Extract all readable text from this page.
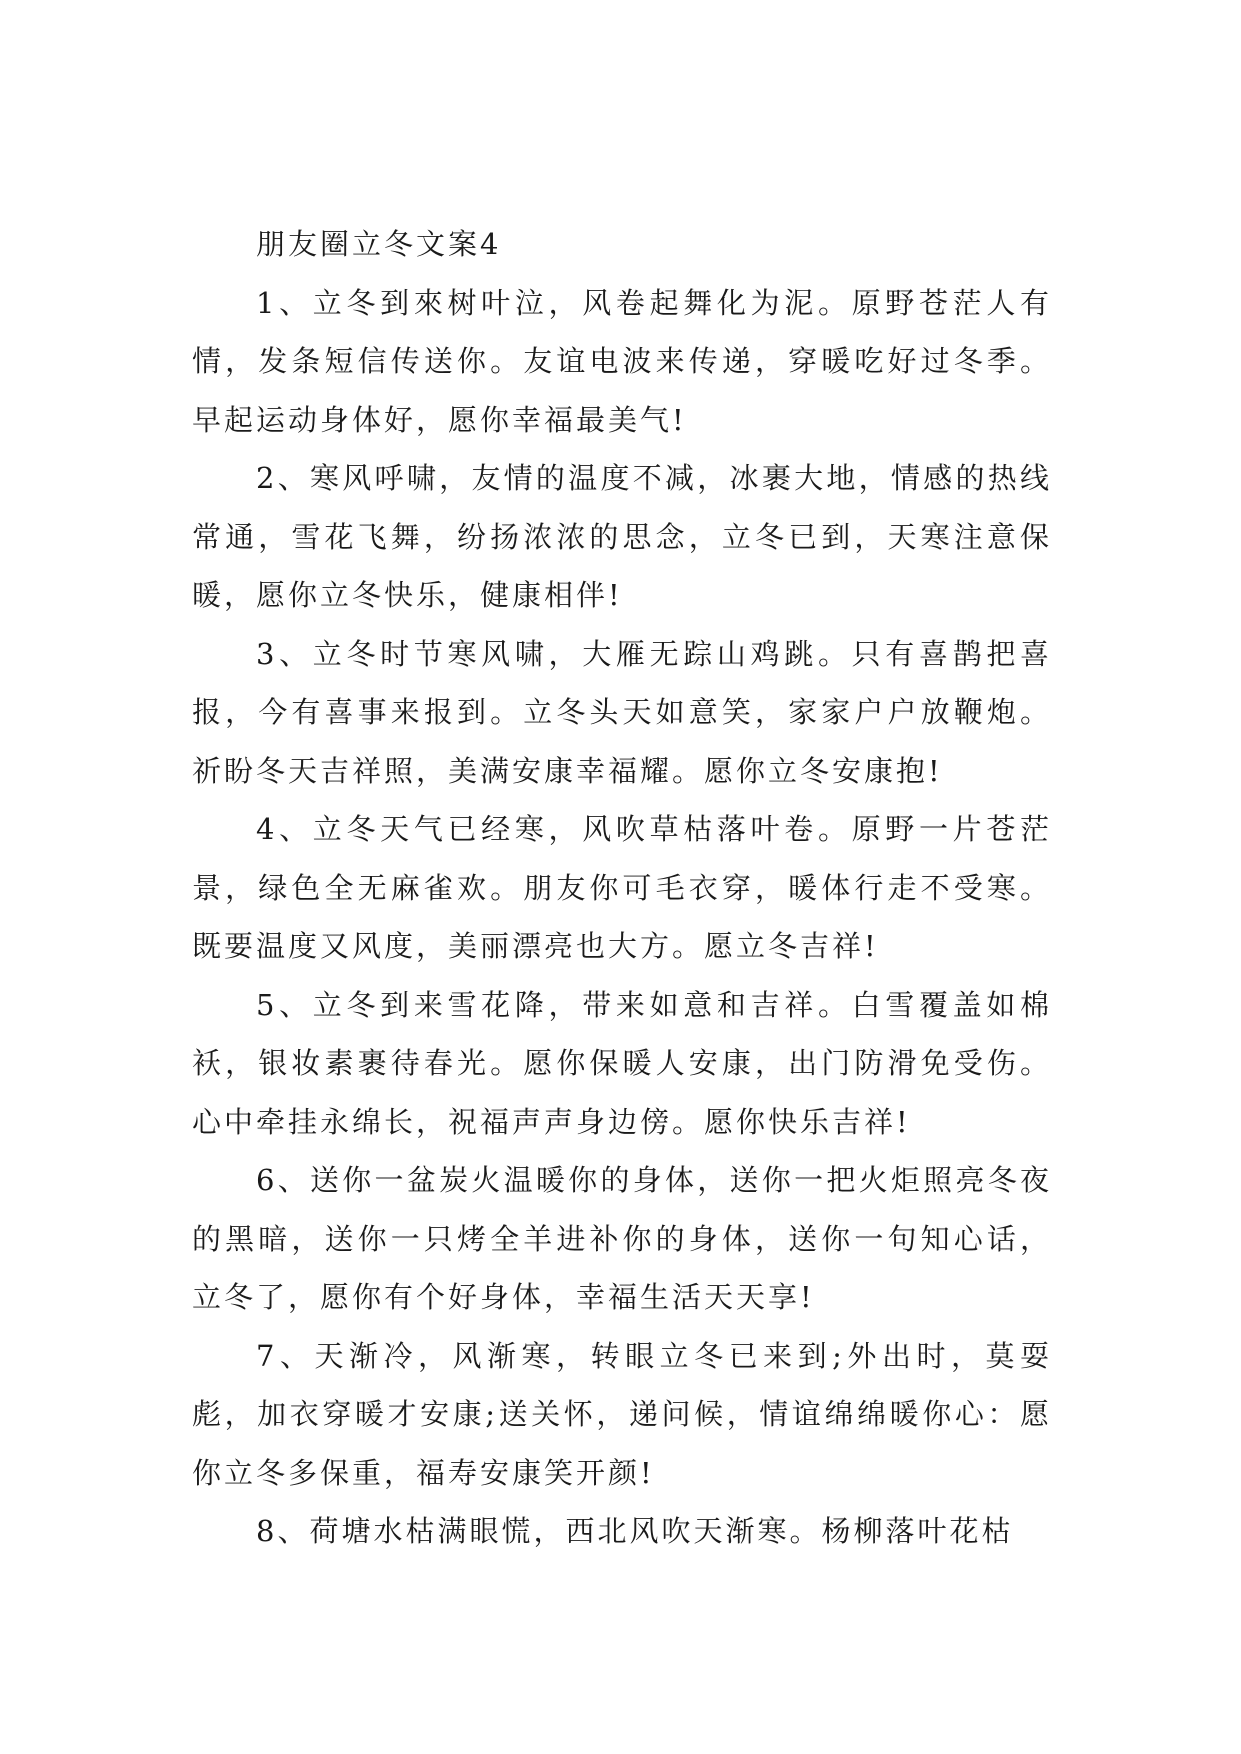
朋友圈立冬文案4

1、立冬到來树叶泣，风卷起舞化为泥。原野苍茫人有情，发条短信传送你。友谊电波来传递，穿暖吃好过冬季。早起运动身体好，愿你幸福最美气!

2、寒风呼啸，友情的温度不减，冰裹大地，情感的热线常通，雪花飞舞，纷扬浓浓的思念，立冬已到，天寒注意保暖，愿你立冬快乐，健康相伴!

3、立冬时节寒风啸，大雁无踪山鸡跳。只有喜鹊把喜报，今有喜事来报到。立冬头天如意笑，家家户户放鞭炮。祈盼冬天吉祥照，美满安康幸福耀。愿你立冬安康抱!

4、立冬天气已经寒，风吹草枯落叶卷。原野一片苍茫景，绿色全无麻雀欢。朋友你可毛衣穿，暖体行走不受寒。既要温度又风度，美丽漂亮也大方。愿立冬吉祥!

5、立冬到来雪花降，带来如意和吉祥。白雪覆盖如棉袄，银妆素裹待春光。愿你保暖人安康，出门防滑免受伤。心中牵挂永绵长，祝福声声身边傍。愿你快乐吉祥!

6、送你一盆炭火温暖你的身体，送你一把火炬照亮冬夜的黑暗，送你一只烤全羊进补你的身体，送你一句知心话，立冬了，愿你有个好身体，幸福生活天天享!

7、天渐冷，风渐寒，转眼立冬已来到;外出时，莫耍彪，加衣穿暖才安康;送关怀，递问候，情谊绵绵暖你心：愿你立冬多保重，福寿安康笑开颜!

8、荷塘水枯满眼慌，西北风吹天渐寒。杨柳落叶花枯
